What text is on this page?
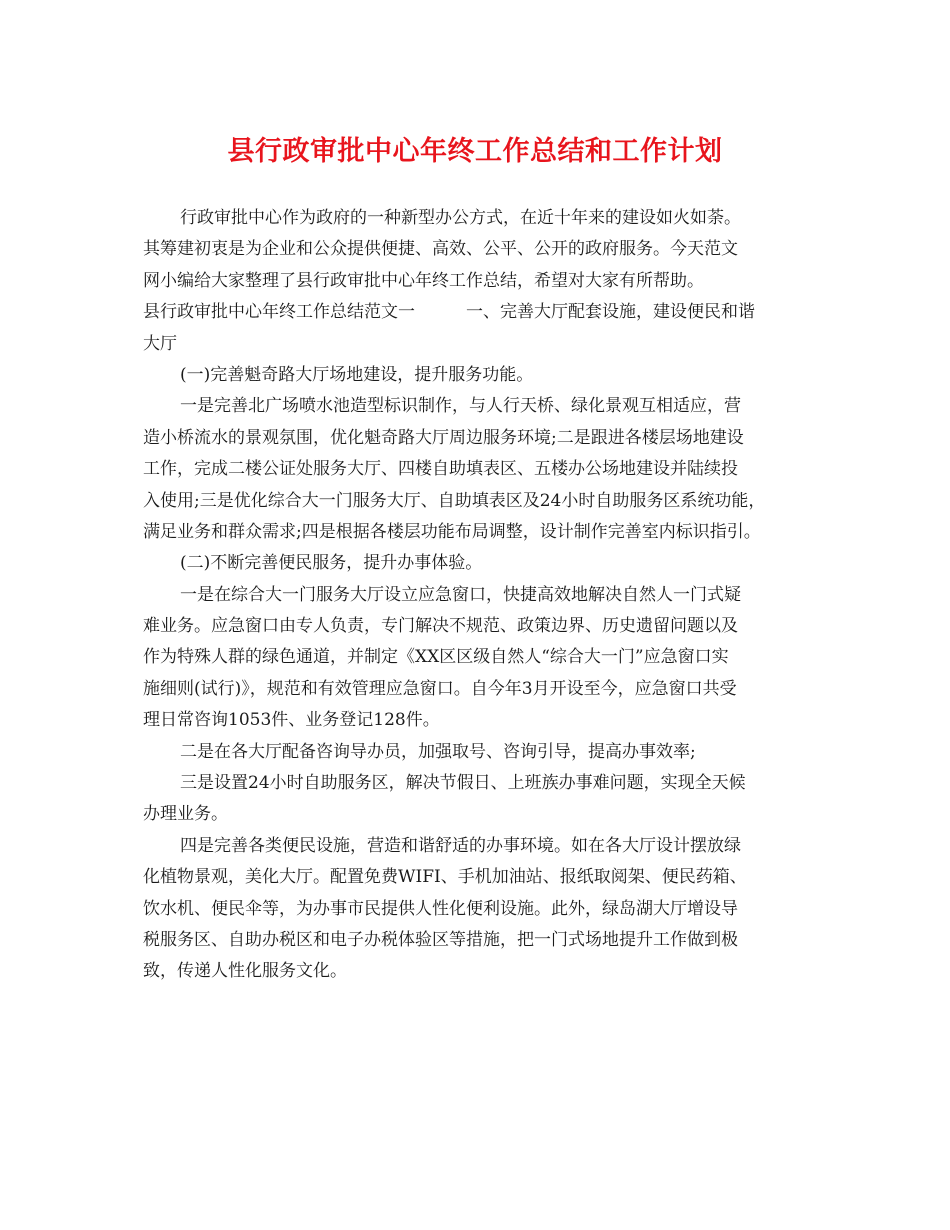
县行政审批中心年终工作总结和工作计划
行政审批中心作为政府的一种新型办公方式，在近十年来的建设如火如荼。
其筹建初衷是为企业和公众提供便捷、高效、公平、公开的政府服务。今天范文
网小编给大家整理了县行政审批中心年终工作总结，希望对大家有所帮助。
县行政审批中心年终工作总结范文一　　　一、完善大厅配套设施，建设便民和谐
大厅
(一)完善魁奇路大厅场地建设，提升服务功能。
一是完善北广场喷水池造型标识制作，与人行天桥、绿化景观互相适应，营
造小桥流水的景观氛围，优化魁奇路大厅周边服务环境;二是跟进各楼层场地建设
工作，完成二楼公证处服务大厅、四楼自助填表区、五楼办公场地建设并陆续投
入使用;三是优化综合大一门服务大厅、自助填表区及24小时自助服务区系统功能，
满足业务和群众需求;四是根据各楼层功能布局调整，设计制作完善室内标识指引。
(二)不断完善便民服务，提升办事体验。
一是在综合大一门服务大厅设立应急窗口，快捷高效地解决自然人一门式疑
难业务。应急窗口由专人负责，专门解决不规范、政策边界、历史遗留问题以及
作为特殊人群的绿色通道，并制定《XX区区级自然人“综合大一门”应急窗口实
施细则(试行)》，规范和有效管理应急窗口。自今年3月开设至今，应急窗口共受
理日常咨询1053件、业务登记128件。
二是在各大厅配备咨询导办员，加强取号、咨询引导，提高办事效率;
三是设置24小时自助服务区，解决节假日、上班族办事难问题，实现全天候
办理业务。
四是完善各类便民设施，营造和谐舒适的办事环境。如在各大厅设计摆放绿
化植物景观，美化大厅。配置免费WIFI、手机加油站、报纸取阅架、便民药箱、
饮水机、便民伞等，为办事市民提供人性化便利设施。此外，绿岛湖大厅增设导
税服务区、自助办税区和电子办税体验区等措施，把一门式场地提升工作做到极
致，传递人性化服务文化。
